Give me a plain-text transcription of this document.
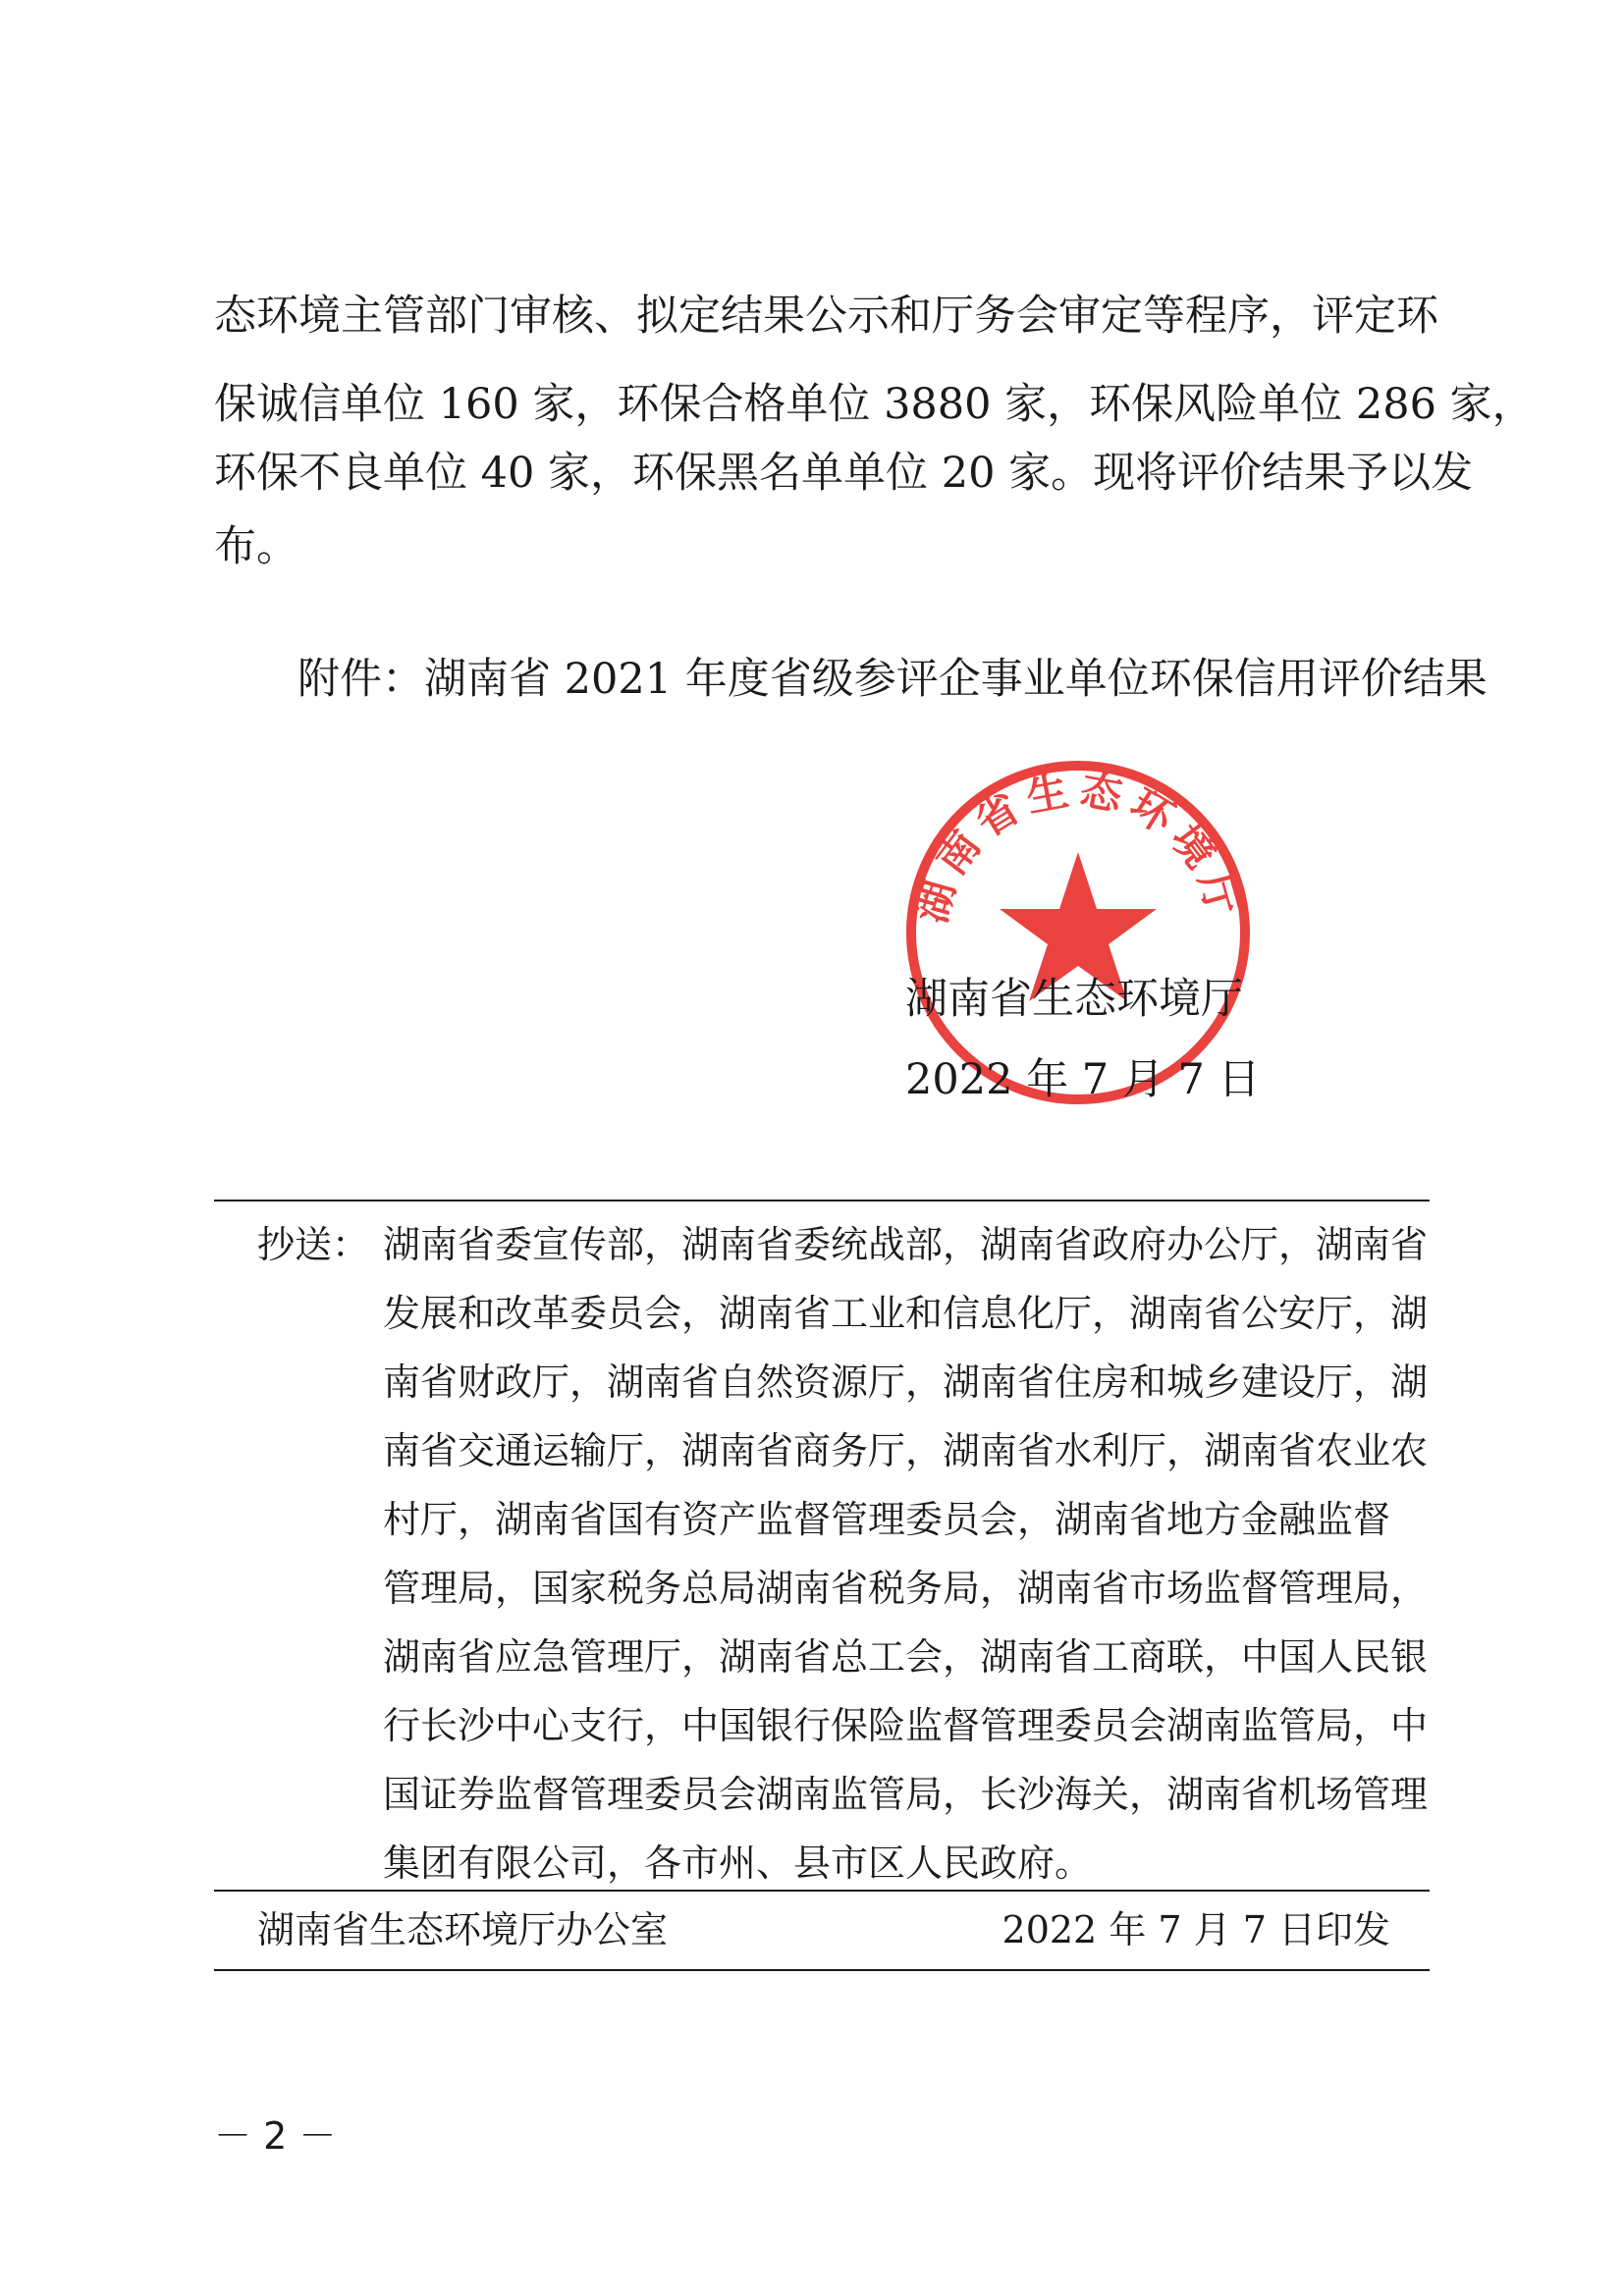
态环境主管部门审核、拟定结果公示和厅务会审定等程序，评定环
保诚信单位 160 家，环保合格单位 3880 家，环保风险单位 286 家，
环保不良单位 40 家，环保黑名单单位 20 家。现将评价结果予以发
布。
附件：湖南省 2021 年度省级参评企事业单位环保信用评价结果
湖南省生态环境厅
湖南省生态环境厅
2022 年 7 月 7 日
抄送： 湖南省委宣传部，湖南省委统战部，湖南省政府办公厅，湖南省
发展和改革委员会，湖南省工业和信息化厅，湖南省公安厅，湖
南省财政厅，湖南省自然资源厅，湖南省住房和城乡建设厅，湖
南省交通运输厅，湖南省商务厅，湖南省水利厅，湖南省农业农
村厅，湖南省国有资产监督管理委员会，湖南省地方金融监督
管理局，国家税务总局湖南省税务局，湖南省市场监督管理局，
湖南省应急管理厅，湖南省总工会，湖南省工商联，中国人民银
行长沙中心支行，中国银行保险监督管理委员会湖南监管局，中
国证券监督管理委员会湖南监管局，长沙海关，湖南省机场管理
集团有限公司，各市州、县市区人民政府。
湖南省生态环境厅办公室	2022 年 7 月 7 日印发
－ 2 －
